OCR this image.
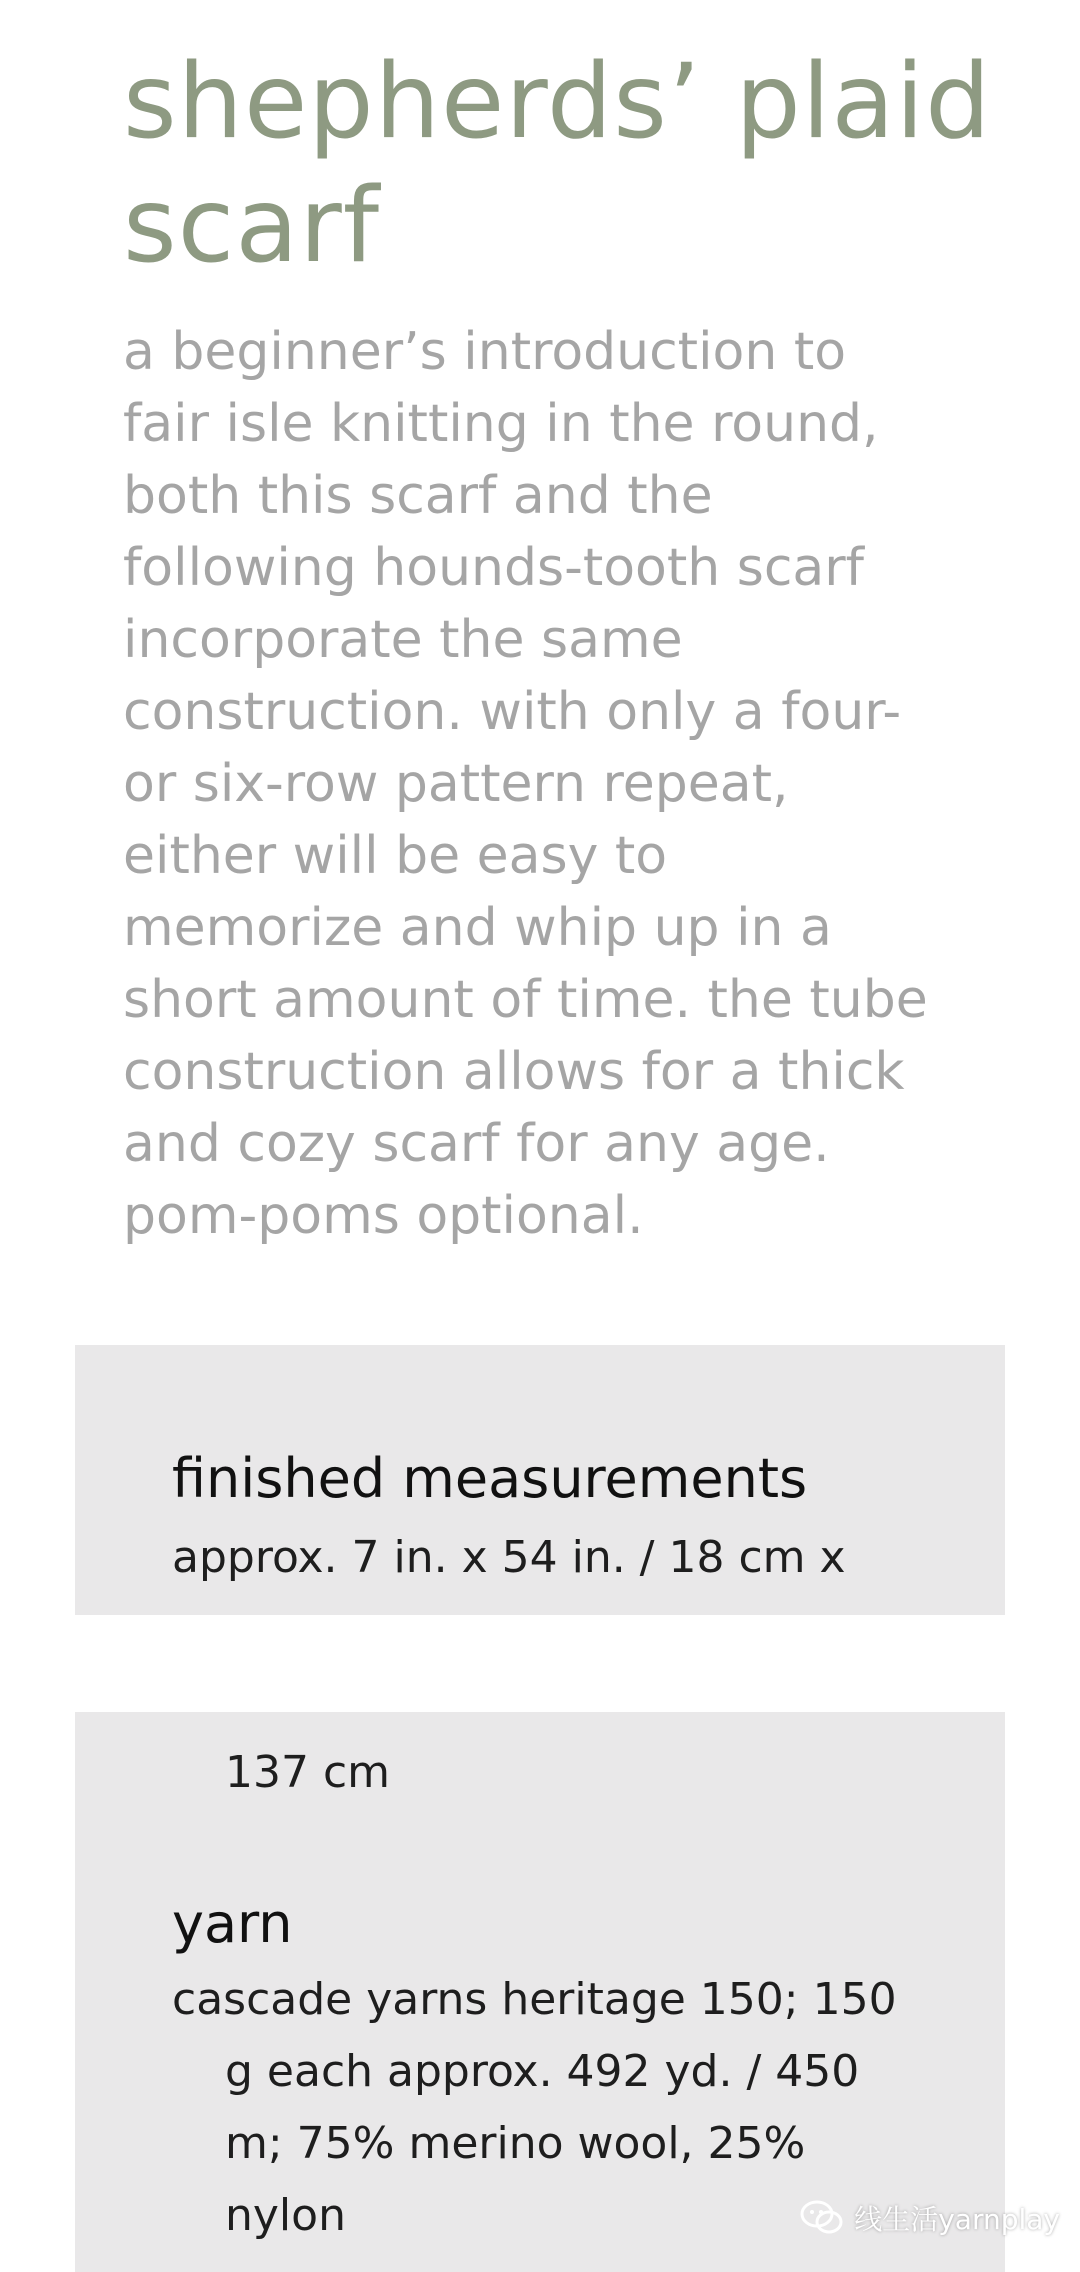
shepherds’ plaid
scarf

a beginner’s introduction to
fair isle knitting in the round,
both this scarf and the
following hounds-tooth scarf
incorporate the same
construction. with only a four-
or six-row pattern repeat,
either will be easy to
memorize and whip up in a
short amount of time. the tube
construction allows for a thick
and cozy scarf for any age.
pom-poms optional.

finished measurements
approx. 7 in. x 54 in. / 18 cm x
137 cm
yarn
cascade yarns heritage 150; 150
g each approx. 492 yd. / 450
m; 75% merino wool, 25%
nylon	线生活yarnplay
